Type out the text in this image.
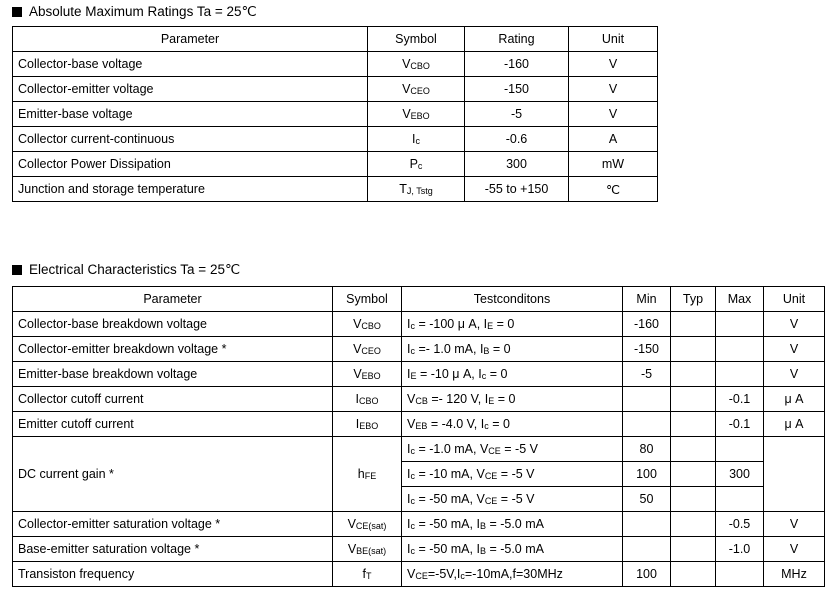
Absolute Maximum Ratings Ta = 25℃
Parameter	Symbol	Rating	Unit
Collector-base voltage	VCBO	-160	V
Collector-emitter voltage	VCEO	-150	V
Emitter-base voltage	VEBO	-5	V
Collector current-continuous	Ic	-0.6	A
Collector Power Dissipation	Pc	300	mW
Junction and storage temperature	TJ, Tstg	-55 to +150	℃
Electrical Characteristics Ta = 25℃
Parameter	Symbol	Testconditons	Min	Typ	Max	Unit
Collector-base breakdown voltage	VCBO	Ic = -100 μ A, IE = 0	-160			V
Collector-emitter breakdown voltage *	VCEO	Ic =- 1.0 mA, IB = 0	-150			V
Emitter-base breakdown voltage	VEBO	IE = -10 μ A, Ic = 0	-5			V
Collector cutoff current	ICBO	VCB =- 120 V, IE = 0			-0.1	μ A
Emitter cutoff current	IEBO	VEB = -4.0 V, Ic = 0			-0.1	μ A
DC current gain *	hFE	Ic = -1.0 mA, VCE = -5 V	80			
		Ic = -10 mA, VCE = -5 V	100		300	
		Ic = -50 mA, VCE = -5 V	50			
Collector-emitter saturation voltage *	VCE(sat)	Ic = -50 mA, IB = -5.0 mA			-0.5	V
Base-emitter saturation voltage *	VBE(sat)	Ic = -50 mA, IB = -5.0 mA			-1.0	V
Transiston frequency	fT	VCE=-5V,Ic=-10mA,f=30MHz	100			MHz
